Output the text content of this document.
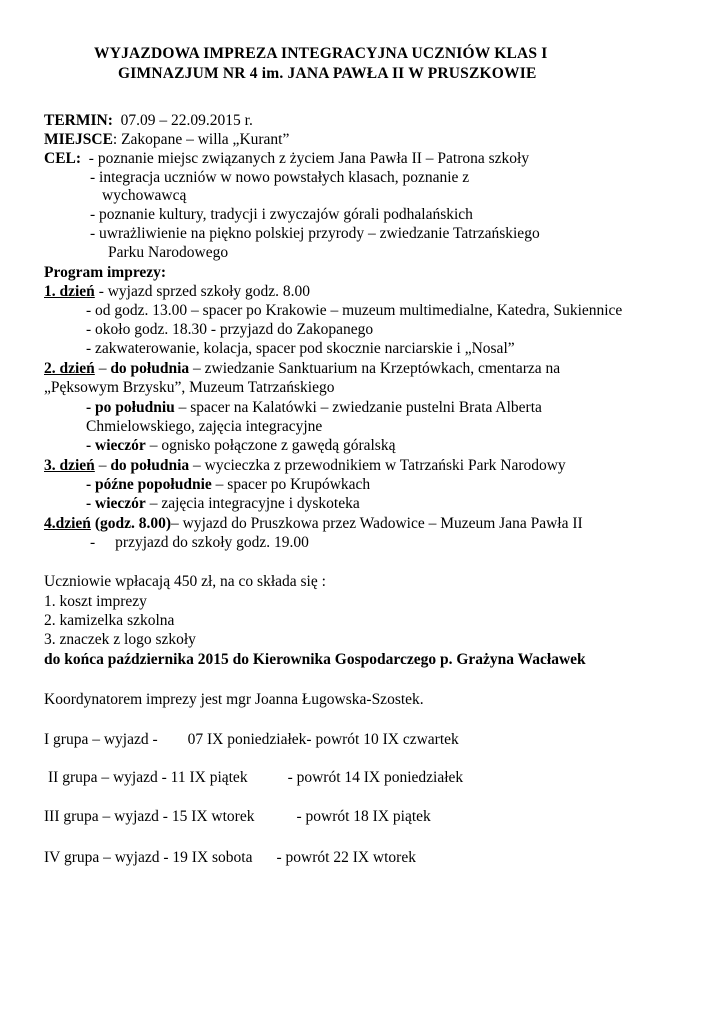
WYJAZDOWA IMPREZA INTEGRACYJNA UCZNIÓW KLAS I
GIMNAZJUM NR 4 im. JANA PAWŁA II W PRUSZKOWIE
TERMIN: 07.09 – 22.09.2015 r.
MIEJSCE: Zakopane – willa „Kurant”
CEL: - poznanie miejsc związanych z życiem Jana Pawła II – Patrona szkoły
- integracja uczniów w nowo powstałych klasach, poznanie z
wychowawcą
- poznanie kultury, tradycji i zwyczajów górali podhalańskich
- uwrażliwienie na piękno polskiej przyrody – zwiedzanie Tatrzańskiego
Parku Narodowego
Program imprezy:
1. dzień - wyjazd sprzed szkoły godz. 8.00
- od godz. 13.00 – spacer po Krakowie – muzeum multimedialne, Katedra, Sukiennice
- około godz. 18.30 - przyjazd do Zakopanego
- zakwaterowanie, kolacja, spacer pod skocznie narciarskie i „Nosal”
2. dzień – do południa – zwiedzanie Sanktuarium na Krzeptówkach, cmentarza na
„Pęksowym Brzysku”, Muzeum Tatrzańskiego
- po południu – spacer na Kalatówki – zwiedzanie pustelni Brata Alberta
Chmielowskiego, zajęcia integracyjne
- wieczór – ognisko połączone z gawędą góralską
3. dzień – do południa – wycieczka z przewodnikiem w Tatrzański Park Narodowy
- późne popołudnie – spacer po Krupówkach
- wieczór – zajęcia integracyjne i dyskoteka
4.dzień (godz. 8.00)– wyjazd do Pruszkowa przez Wadowice – Muzeum Jana Pawła II
- przyjazd do szkoły godz. 19.00
Uczniowie wpłacają 450 zł, na co składa się :
1. koszt imprezy
2. kamizelka szkolna
3. znaczek z logo szkoły
do końca października 2015 do Kierownika Gospodarczego p. Grażyna Wacławek
Koordynatorem imprezy jest mgr Joanna Ługowska-Szostek.
I grupa – wyjazd - 07 IX poniedziałek- powrót 10 IX czwartek
II grupa – wyjazd - 11 IX piątek	- powrót 14 IX poniedziałek
III grupa – wyjazd - 15 IX wtorek	- powrót 18 IX piątek
IV grupa – wyjazd - 19 IX sobota - powrót 22 IX wtorek
